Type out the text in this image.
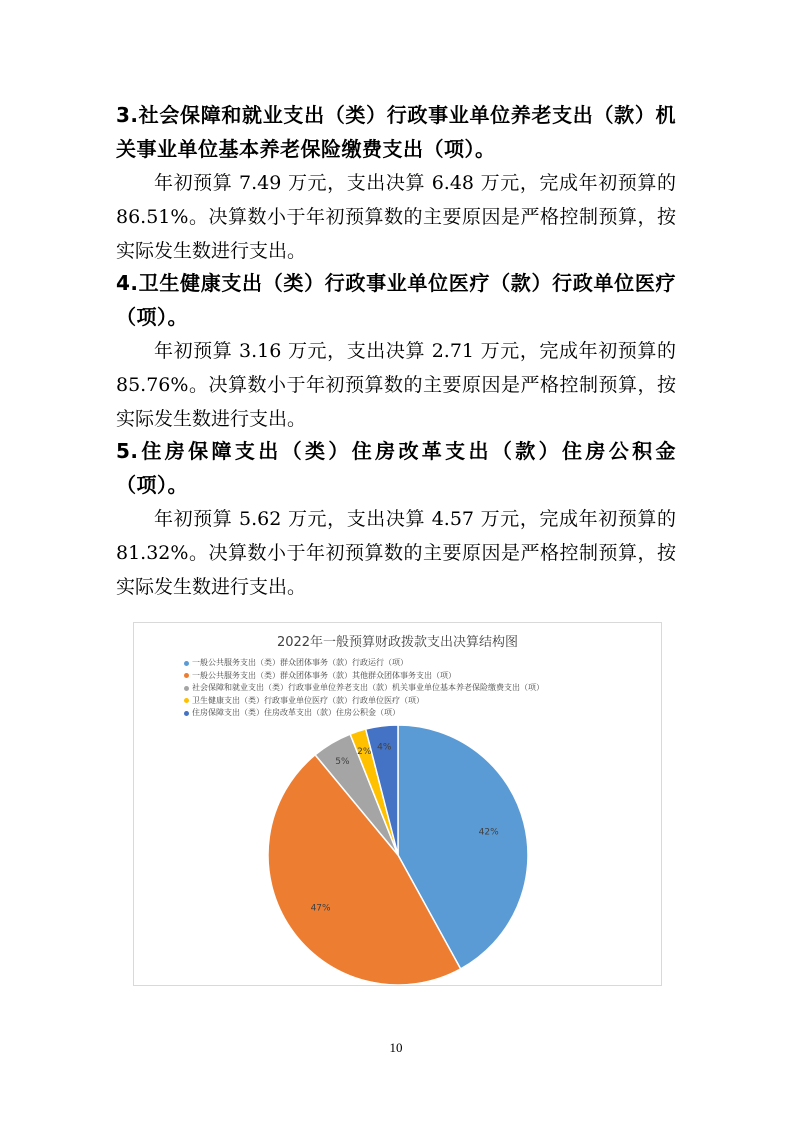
3.社会保障和就业支出（类）行政事业单位养老支出（款）机关事业单位基本养老保险缴费支出（项）。
年初预算 7.49 万元，支出决算 6.48 万元，完成年初预算的 86.51%。决算数小于年初预算数的主要原因是严格控制预算，按实际发生数进行支出。
4.卫生健康支出（类）行政事业单位医疗（款）行政单位医疗（项）。
年初预算 3.16 万元，支出决算 2.71 万元，完成年初预算的 85.76%。决算数小于年初预算数的主要原因是严格控制预算，按实际发生数进行支出。
5.住房保障支出（类）住房改革支出（款）住房公积金（项）。
年初预算 5.62 万元，支出决算 4.57 万元，完成年初预算的 81.32%。决算数小于年初预算数的主要原因是严格控制预算，按实际发生数进行支出。
2022年一般预算财政拨款支出决算结构图
一般公共服务支出（类）群众团体事务（款）行政运行（项）
一般公共服务支出（类）群众团体事务（款）其他群众团体事务支出（项）
社会保障和就业支出（类）行政事业单位养老支出（款）机关事业单位基本养老保险缴费支出（项）
卫生健康支出（类）行政事业单位医疗（款）行政单位医疗（项）
住房保障支出（类）住房改革支出（款）住房公积金（项）
42%
47%
5%
2% 4%
10
